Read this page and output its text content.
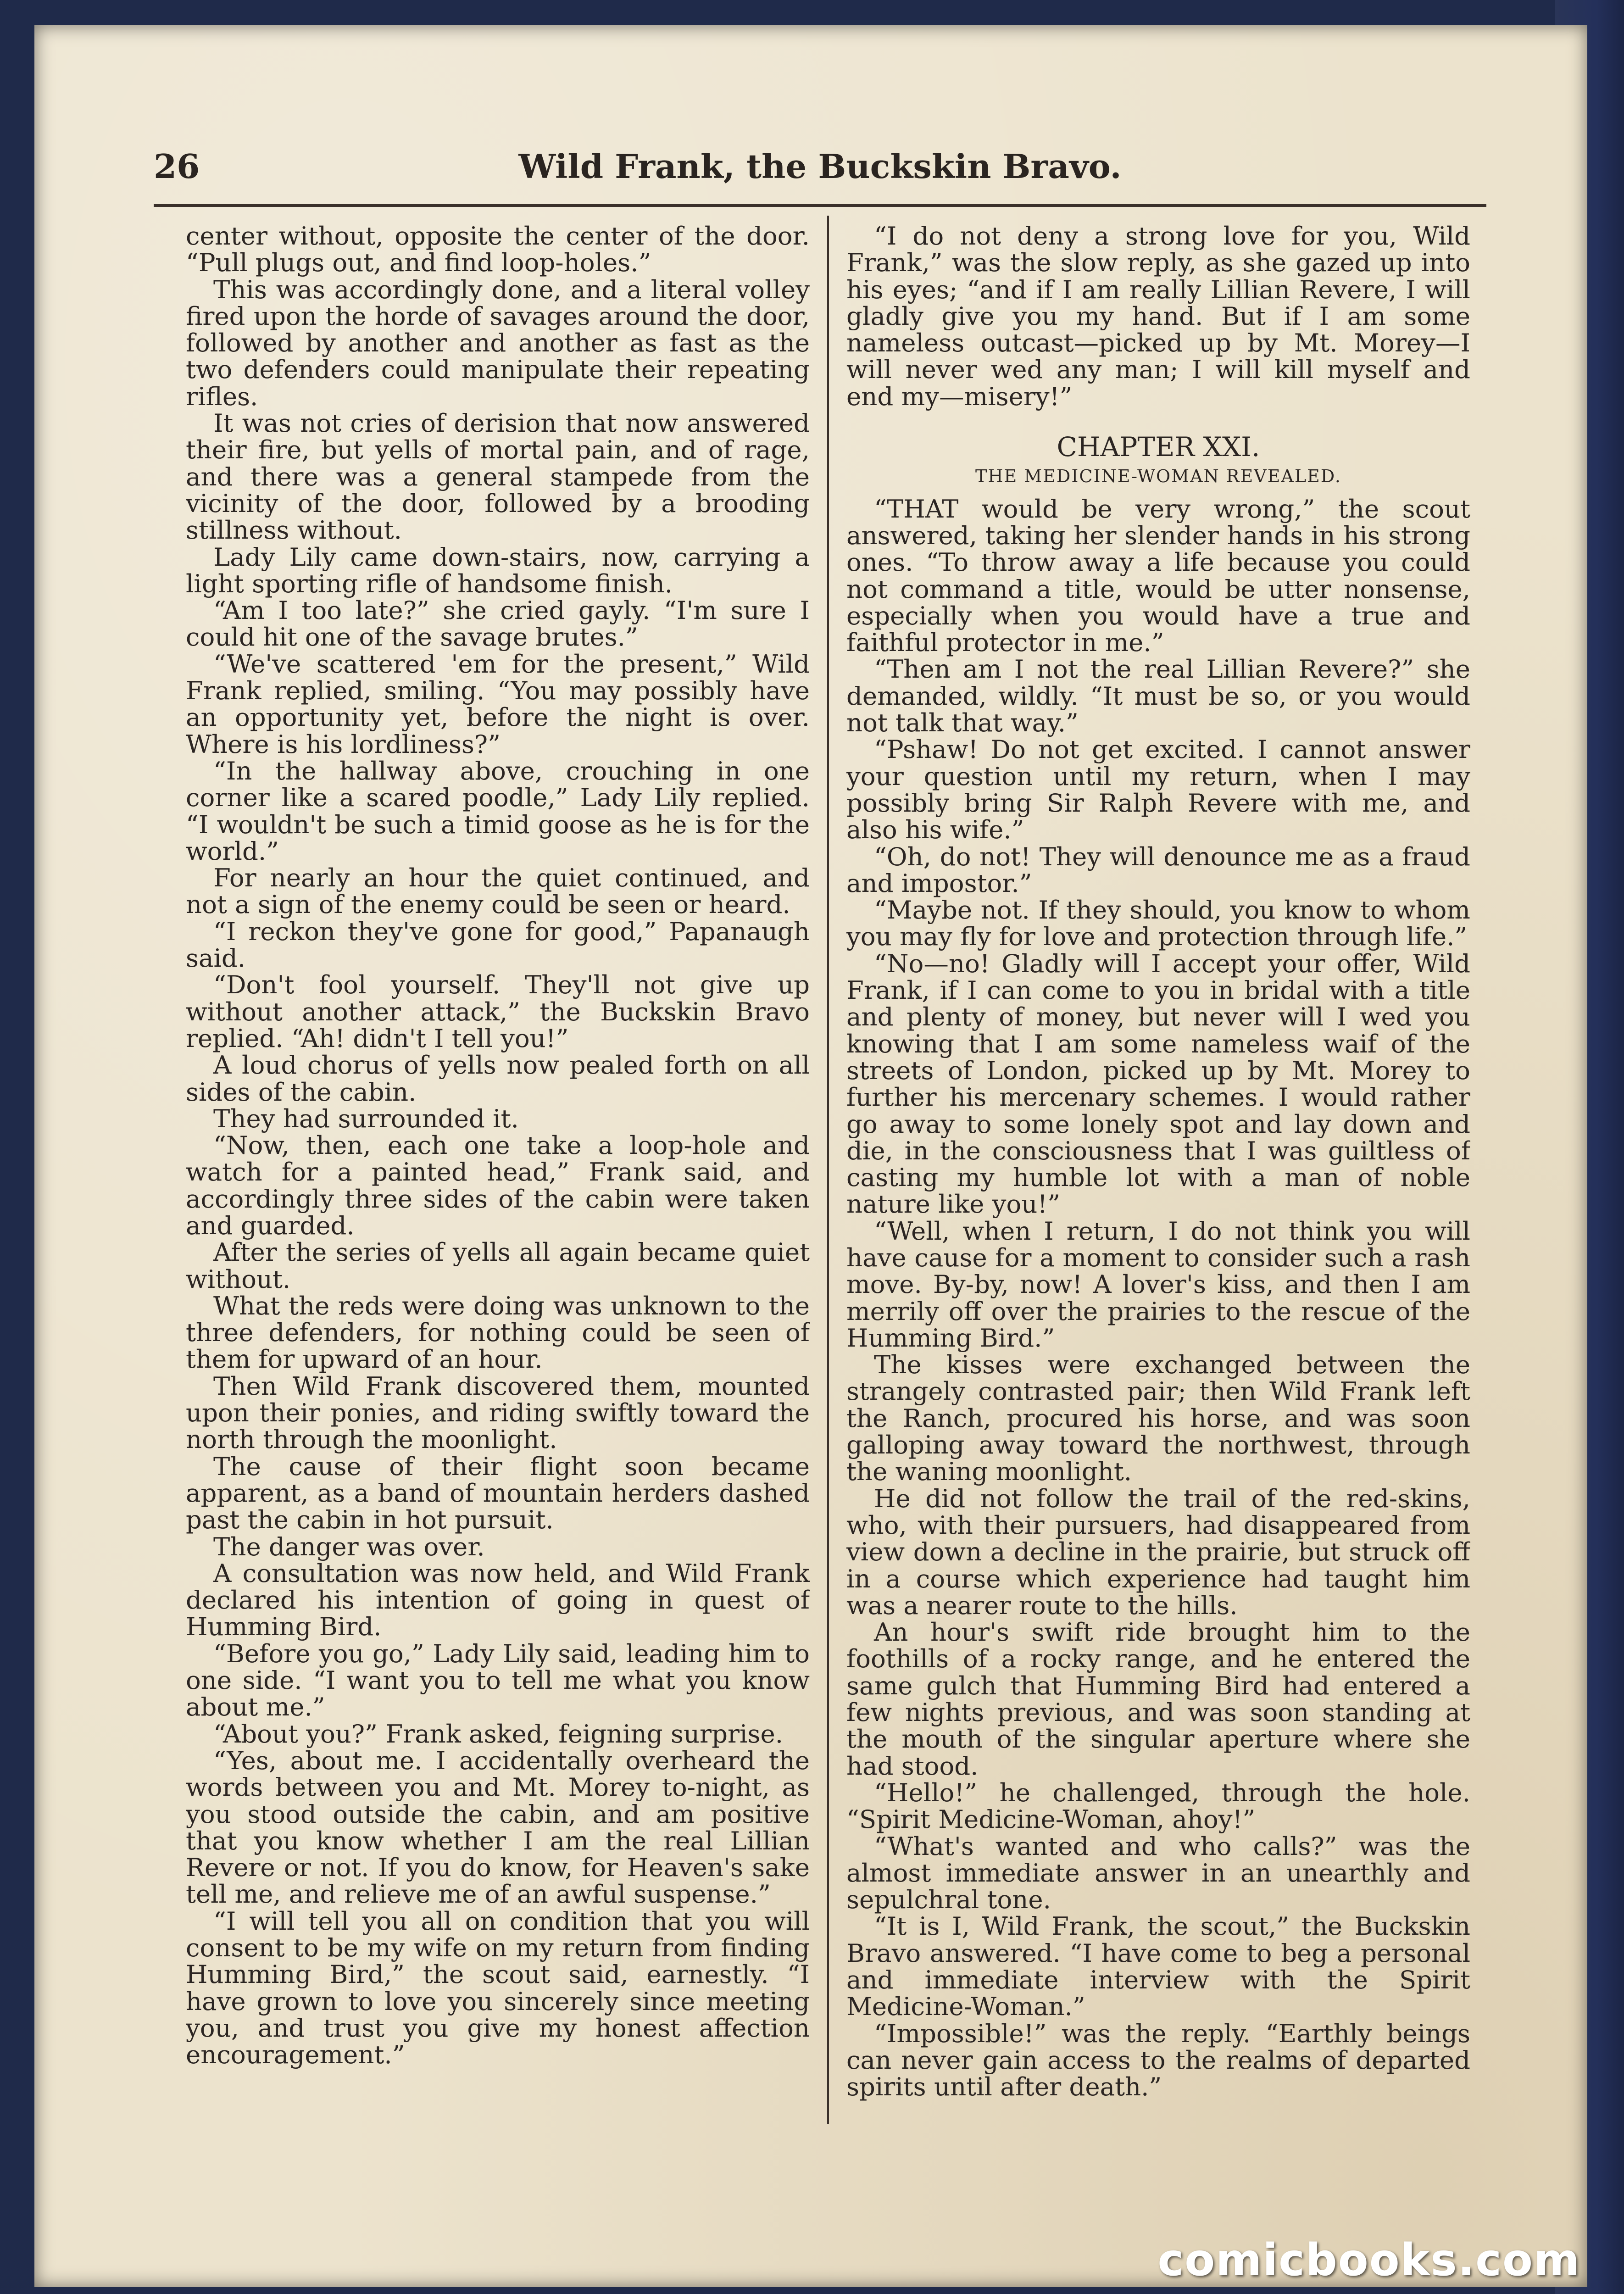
26	Wild Frank, the Buckskin Bravo.

center without, opposite the center of the door. “Pull plugs out, and find loop-holes.”

This was accordingly done, and a literal volley fired upon the horde of savages around the door, followed by another and another as fast as the two defenders could manipulate their repeating rifles.

It was not cries of derision that now answered their fire, but yells of mortal pain, and of rage, and there was a general stampede from the vicinity of the door, followed by a brooding stillness without.

Lady Lily came down-stairs, now, carrying a light sporting rifle of handsome finish.

“Am I too late?” she cried gayly. “I'm sure I could hit one of the savage brutes.”

“We've scattered 'em for the present,” Wild Frank replied, smiling. “You may possibly have an opportunity yet, before the night is over. Where is his lordliness?”

“In the hallway above, crouching in one corner like a scared poodle,” Lady Lily replied. “I wouldn't be such a timid goose as he is for the world.”

For nearly an hour the quiet continued, and not a sign of the enemy could be seen or heard.

“I reckon they've gone for good,” Papanaugh said.

“Don't fool yourself. They'll not give up without another attack,” the Buckskin Bravo replied. “Ah! didn't I tell you!”

A loud chorus of yells now pealed forth on all sides of the cabin.

They had surrounded it.

“Now, then, each one take a loop-hole and watch for a painted head,” Frank said, and accordingly three sides of the cabin were taken and guarded.

After the series of yells all again became quiet without.

What the reds were doing was unknown to the three defenders, for nothing could be seen of them for upward of an hour.

Then Wild Frank discovered them, mounted upon their ponies, and riding swiftly toward the north through the moonlight.

The cause of their flight soon became apparent, as a band of mountain herders dashed past the cabin in hot pursuit.

The danger was over.

A consultation was now held, and Wild Frank declared his intention of going in quest of Humming Bird.

“Before you go,” Lady Lily said, leading him to one side. “I want you to tell me what you know about me.”

“About you?” Frank asked, feigning surprise.

“Yes, about me. I accidentally overheard the words between you and Mt. Morey to-night, as you stood outside the cabin, and am positive that you know whether I am the real Lillian Revere or not. If you do know, for Heaven's sake tell me, and relieve me of an awful suspense.”

“I will tell you all on condition that you will consent to be my wife on my return from finding Humming Bird,” the scout said, earnestly. “I have grown to love you sincerely since meeting you, and trust you give my honest affection encouragement.”

“I do not deny a strong love for you, Wild Frank,” was the slow reply, as she gazed up into his eyes; “and if I am really Lillian Revere, I will gladly give you my hand. But if I am some nameless outcast—picked up by Mt. Morey—I will never wed any man; I will kill myself and end my—misery!”

CHAPTER XXI.
THE MEDICINE-WOMAN REVEALED.

“THAT would be very wrong,” the scout answered, taking her slender hands in his strong ones. “To throw away a life because you could not command a title, would be utter nonsense, especially when you would have a true and faithful protector in me.”

“Then am I not the real Lillian Revere?” she demanded, wildly. “It must be so, or you would not talk that way.”

“Pshaw! Do not get excited. I cannot answer your question until my return, when I may possibly bring Sir Ralph Revere with me, and also his wife.”

“Oh, do not! They will denounce me as a fraud and impostor.”

“Maybe not. If they should, you know to whom you may fly for love and protection through life.”

“No—no! Gladly will I accept your offer, Wild Frank, if I can come to you in bridal with a title and plenty of money, but never will I wed you knowing that I am some nameless waif of the streets of London, picked up by Mt. Morey to further his mercenary schemes. I would rather go away to some lonely spot and lay down and die, in the consciousness that I was guiltless of casting my humble lot with a man of noble nature like you!”

“Well, when I return, I do not think you will have cause for a moment to consider such a rash move. By-by, now! A lover's kiss, and then I am merrily off over the prairies to the rescue of the Humming Bird.”

The kisses were exchanged between the strangely contrasted pair; then Wild Frank left the Ranch, procured his horse, and was soon galloping away toward the northwest, through the waning moonlight.

He did not follow the trail of the red-skins, who, with their pursuers, had disappeared from view down a decline in the prairie, but struck off in a course which experience had taught him was a nearer route to the hills.

An hour's swift ride brought him to the foothills of a rocky range, and he entered the same gulch that Humming Bird had entered a few nights previous, and was soon standing at the mouth of the singular aperture where she had stood.

“Hello!” he challenged, through the hole. “Spirit Medicine-Woman, ahoy!”

“What's wanted and who calls?” was the almost immediate answer in an unearthly and sepulchral tone.

“It is I, Wild Frank, the scout,” the Buckskin Bravo answered. “I have come to beg a personal and immediate interview with the Spirit Medicine-Woman.”

“Impossible!” was the reply. “Earthly beings can never gain access to the realms of departed spirits until after death.”

comicbooks.com
